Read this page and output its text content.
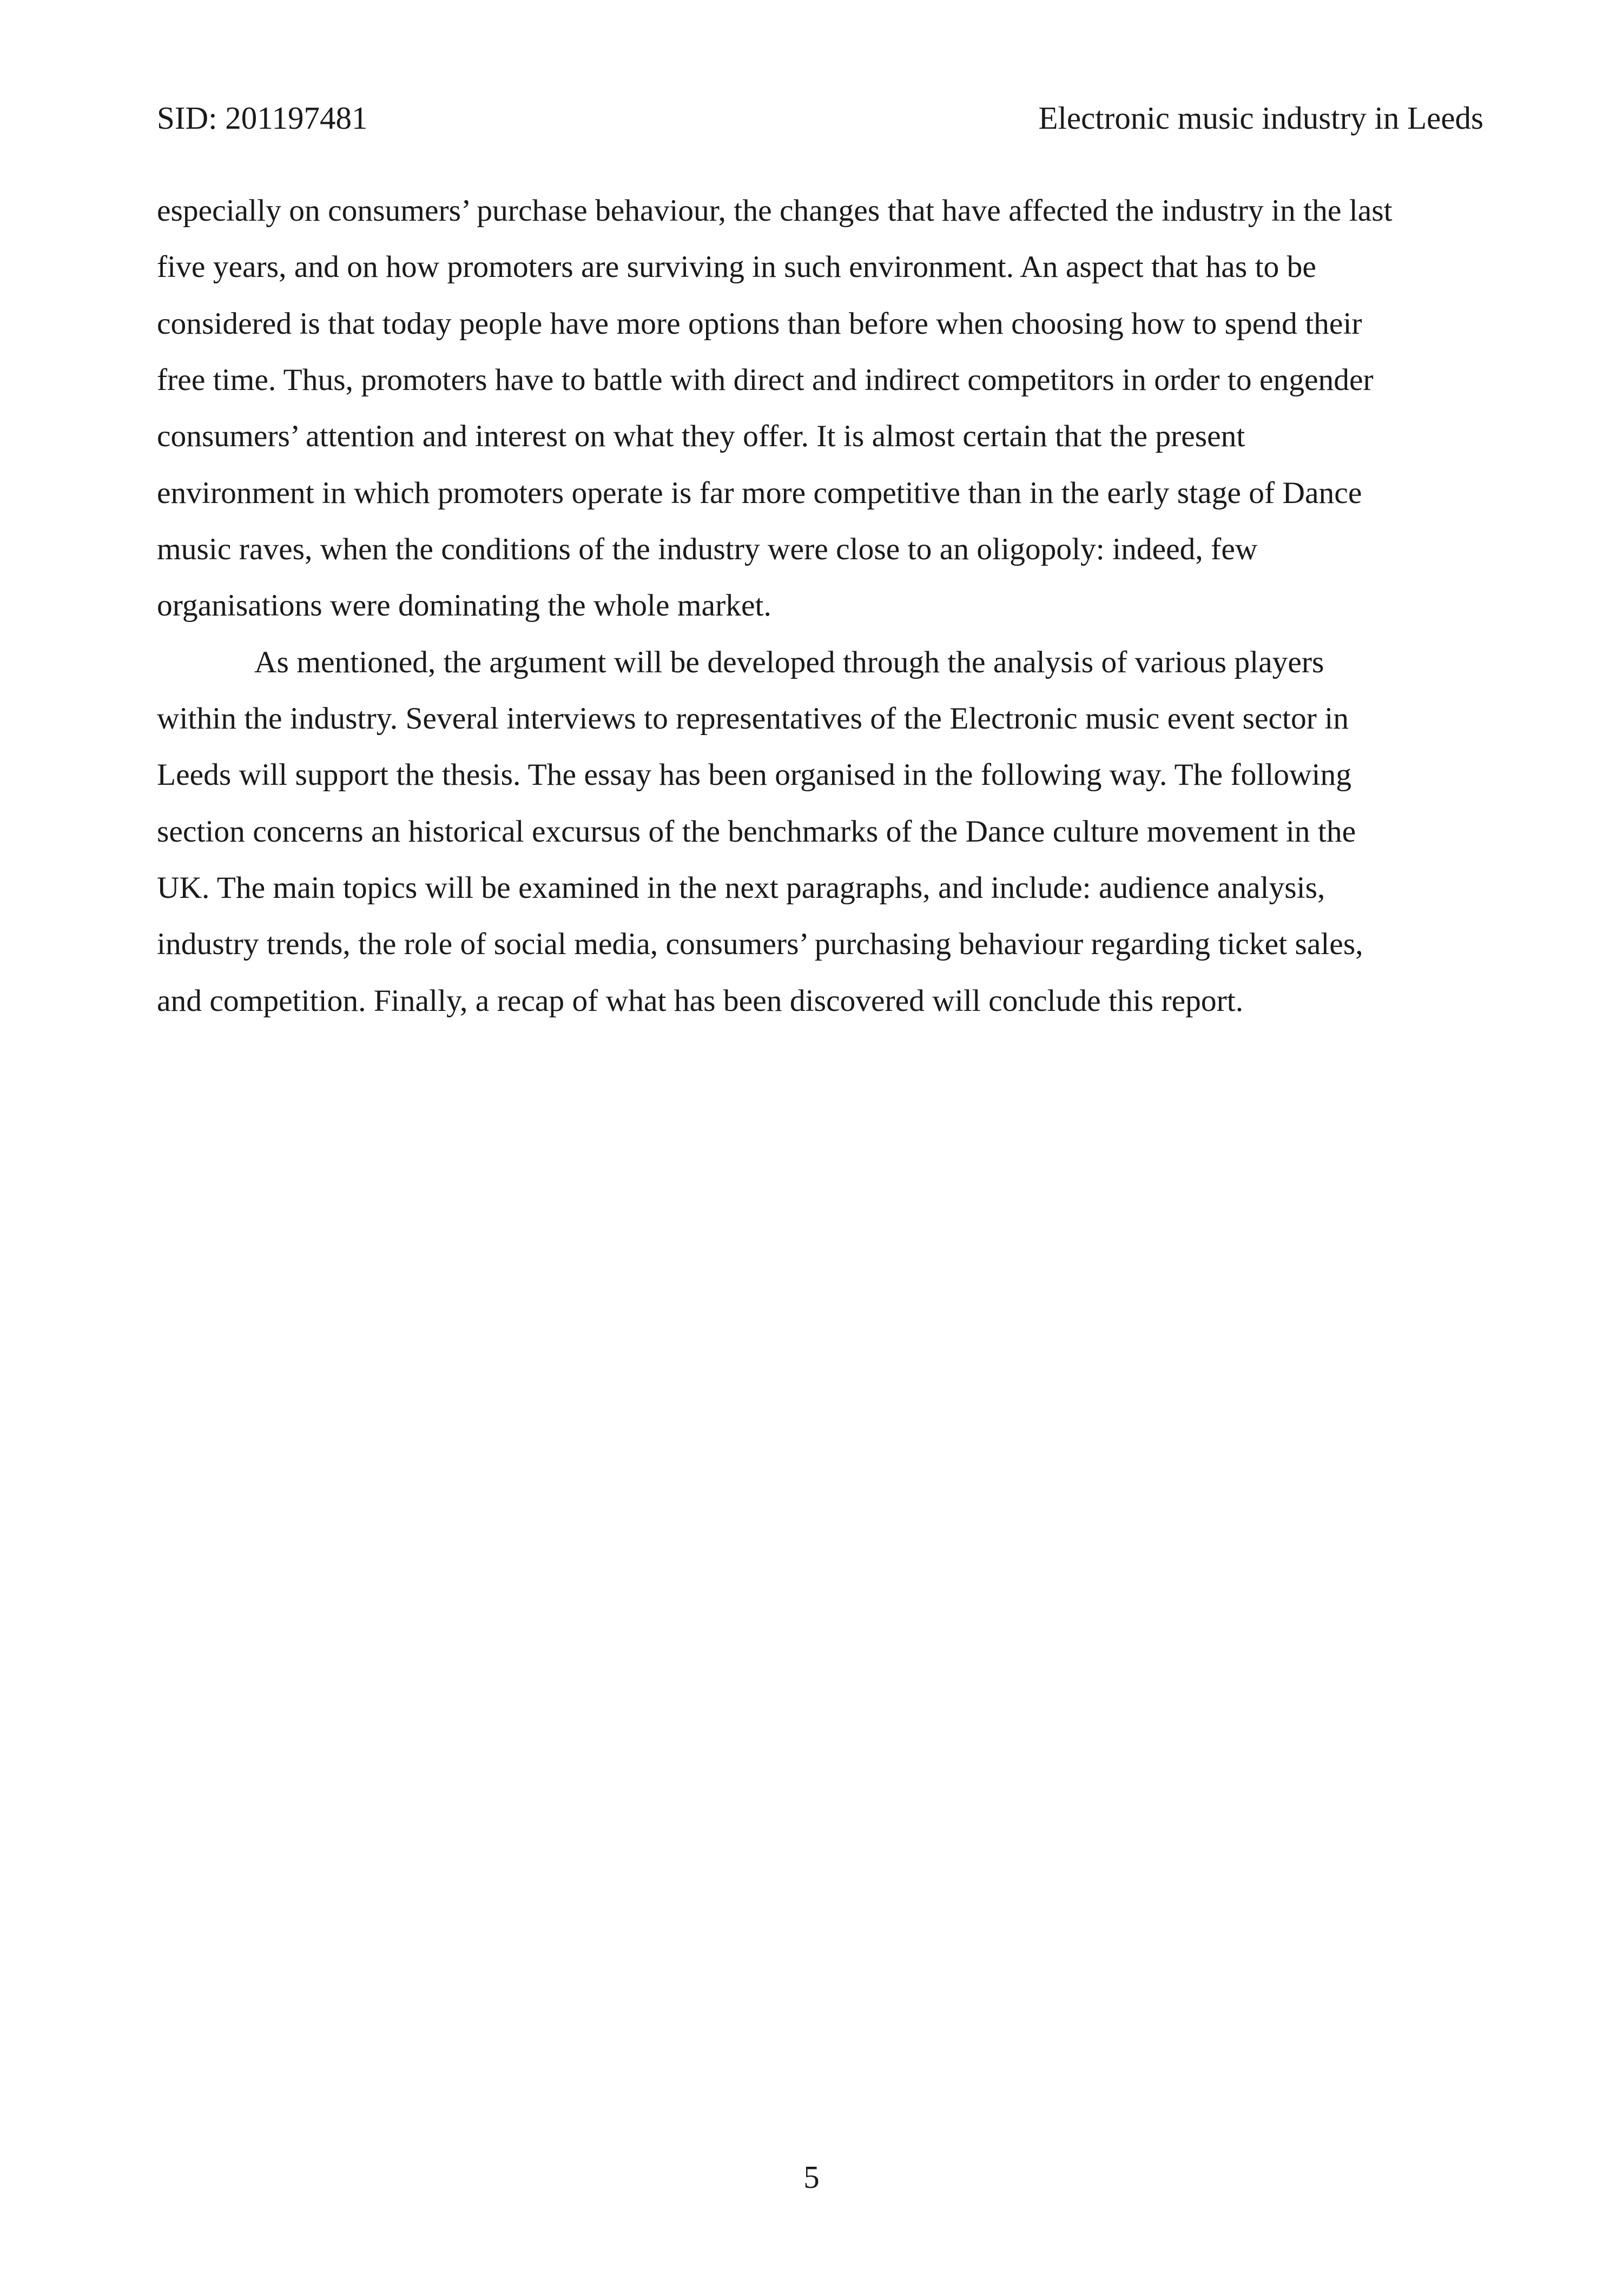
SID: 201197481	Electronic music industry in Leeds
especially on consumers’ purchase behaviour, the changes that have affected the industry in the last
five years, and on how promoters are surviving in such environment. An aspect that has to be
considered is that today people have more options than before when choosing how to spend their
free time. Thus, promoters have to battle with direct and indirect competitors in order to engender
consumers’ attention and interest on what they offer. It is almost certain that the present
environment in which promoters operate is far more competitive than in the early stage of Dance
music raves, when the conditions of the industry were close to an oligopoly: indeed, few
organisations were dominating the whole market.
As mentioned, the argument will be developed through the analysis of various players
within the industry. Several interviews to representatives of the Electronic music event sector in
Leeds will support the thesis. The essay has been organised in the following way. The following
section concerns an historical excursus of the benchmarks of the Dance culture movement in the
UK. The main topics will be examined in the next paragraphs, and include: audience analysis,
industry trends, the role of social media, consumers’ purchasing behaviour regarding ticket sales,
and competition. Finally, a recap of what has been discovered will conclude this report.
5
